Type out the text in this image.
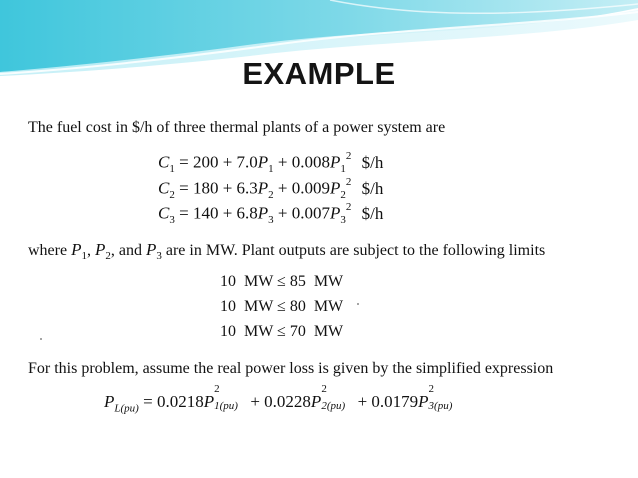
EXAMPLE
The fuel cost in $/h of three thermal plants of a power system are
$C_1 = 200 + 7.0P_1 + 0.008P_1^2$ $/h
$C_2 = 180 + 6.3P_2 + 0.009P_2^2$ $/h
$C_3 = 140 + 6.8P_3 + 0.007P_3^2$ $/h
where $P_1$, $P_2$, and $P_3$ are in MW. Plant outputs are subject to the following limits
10 MW ≤ 85 MW
10 MW ≤ 80 MW
10 MW ≤ 70 MW
For this problem, assume the real power loss is given by the simplified expression
$P_{L(pu)} = 0.0218P$
2
1(pu) + 0.0228P
2
2(pu) + 0.0179P
2
3(pu)
